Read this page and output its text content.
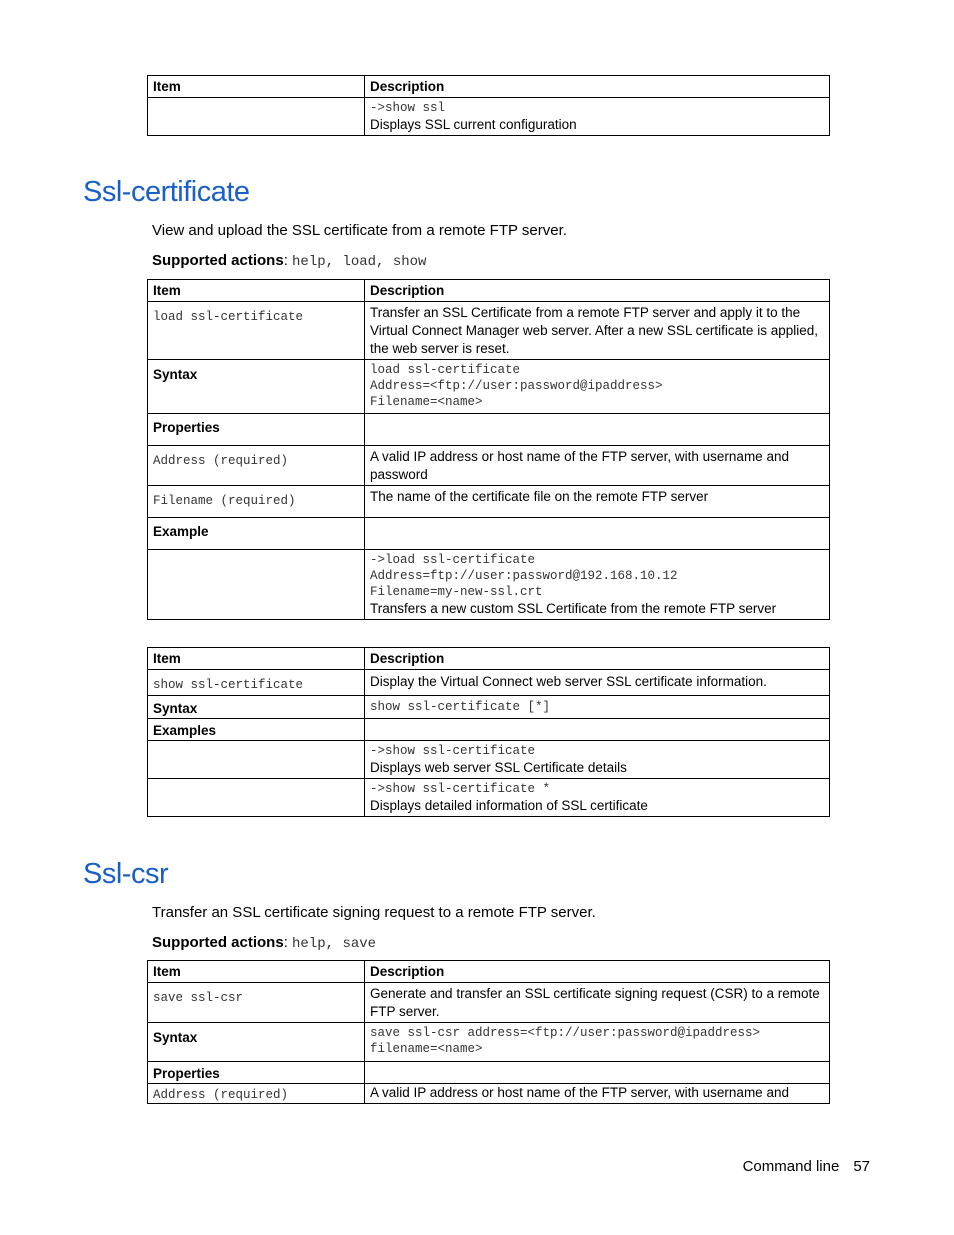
Item	Description

	->show ssl
Displays SSL current configuration
Ssl-certificate

View and upload the SSL certificate from a remote FTP server.

Supported actions: help, load, show

Item	Description
load ssl-certificate	Transfer an SSL Certificate from a remote FTP server and apply it to the Virtual Connect Manager web server. After a new SSL certificate is applied, the web server is reset.
Syntax	load ssl-certificate
Address=<ftp://user:password@ipaddress>
Filename=<name>

Properties	
Address (required)	A valid IP address or host name of the FTP server, with username and password
Filename (required)	The name of the certificate file on the remote FTP server
Example	

	->load ssl-certificate
Address=ftp://user:password@192.168.10.12
Filename=my-new-ssl.crt
Transfers a new custom SSL Certificate from the remote FTP server
Item	Description
show ssl-certificate	Display the Virtual Connect web server SSL certificate information.
Syntax	show ssl-certificate [*]
Examples	

	->show ssl-certificate
Displays web server SSL Certificate details

	->show ssl-certificate *
Displays detailed information of SSL certificate
Ssl-csr

Transfer an SSL certificate signing request to a remote FTP server.

Supported actions: help, save

Item	Description
save ssl-csr	Generate and transfer an SSL certificate signing request (CSR) to a remote FTP server.
Syntax	save ssl-csr address=<ftp://user:password@ipaddress>
filename=<name>

Properties	
Address (required)	A valid IP address or host name of the FTP server, with username and
Command line 57
